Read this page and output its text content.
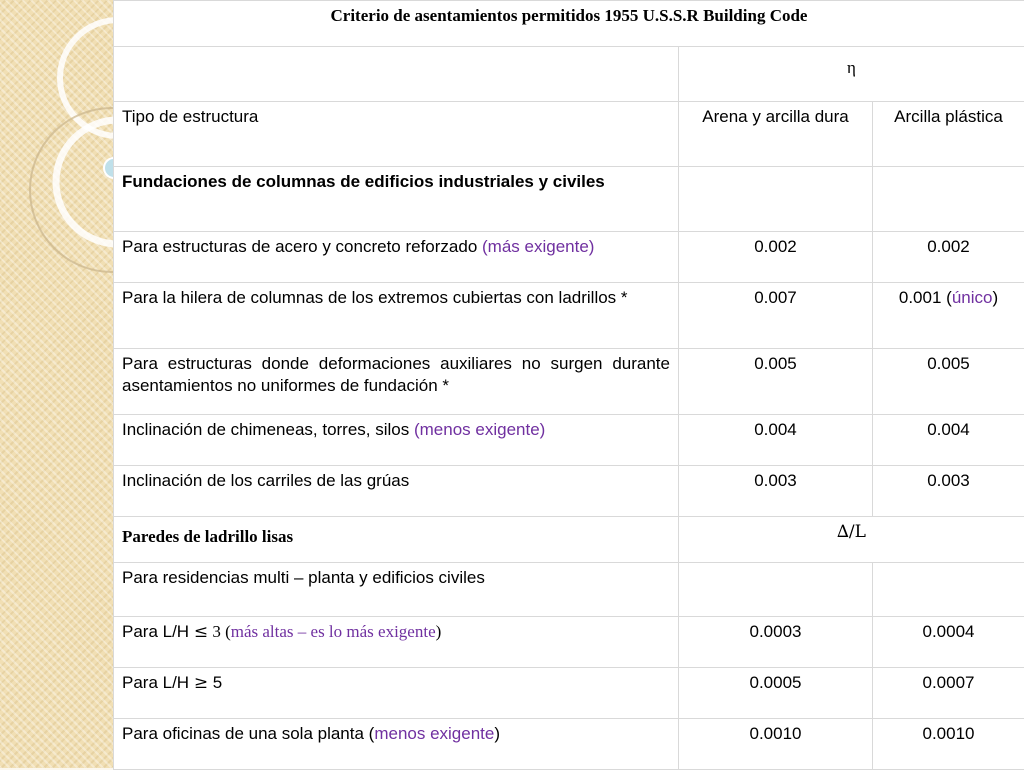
Criterio de asentamientos permitidos 1955 U.S.S.R Building Code		
	η	
Tipo de estructura	Arena y arcilla dura	Arcilla plástica
Fundaciones de columnas de edificios industriales y civiles		
Para estructuras de acero y concreto reforzado (más exigente)	0.002	0.002
Para la hilera de columnas de los extremos cubiertas con ladrillos *	0.007	0.001 (único)
Para estructuras donde deformaciones auxiliares no surgen durante asentamientos no uniformes de fundación *	0.005	0.005
Inclinación de chimeneas, torres, silos (menos exigente)	0.004	0.004
Inclinación de los carriles de las grúas	0.003	0.003
Paredes de ladrillo lisas	∆/L	
Para residencias multi – planta y edificios civiles		
Para L/H ≤ 3 (más altas – es lo más exigente)	0.0003	0.0004
Para L/H ≥ 5	0.0005	0.0007
Para oficinas de una sola planta (menos exigente)	0.0010	0.0010
